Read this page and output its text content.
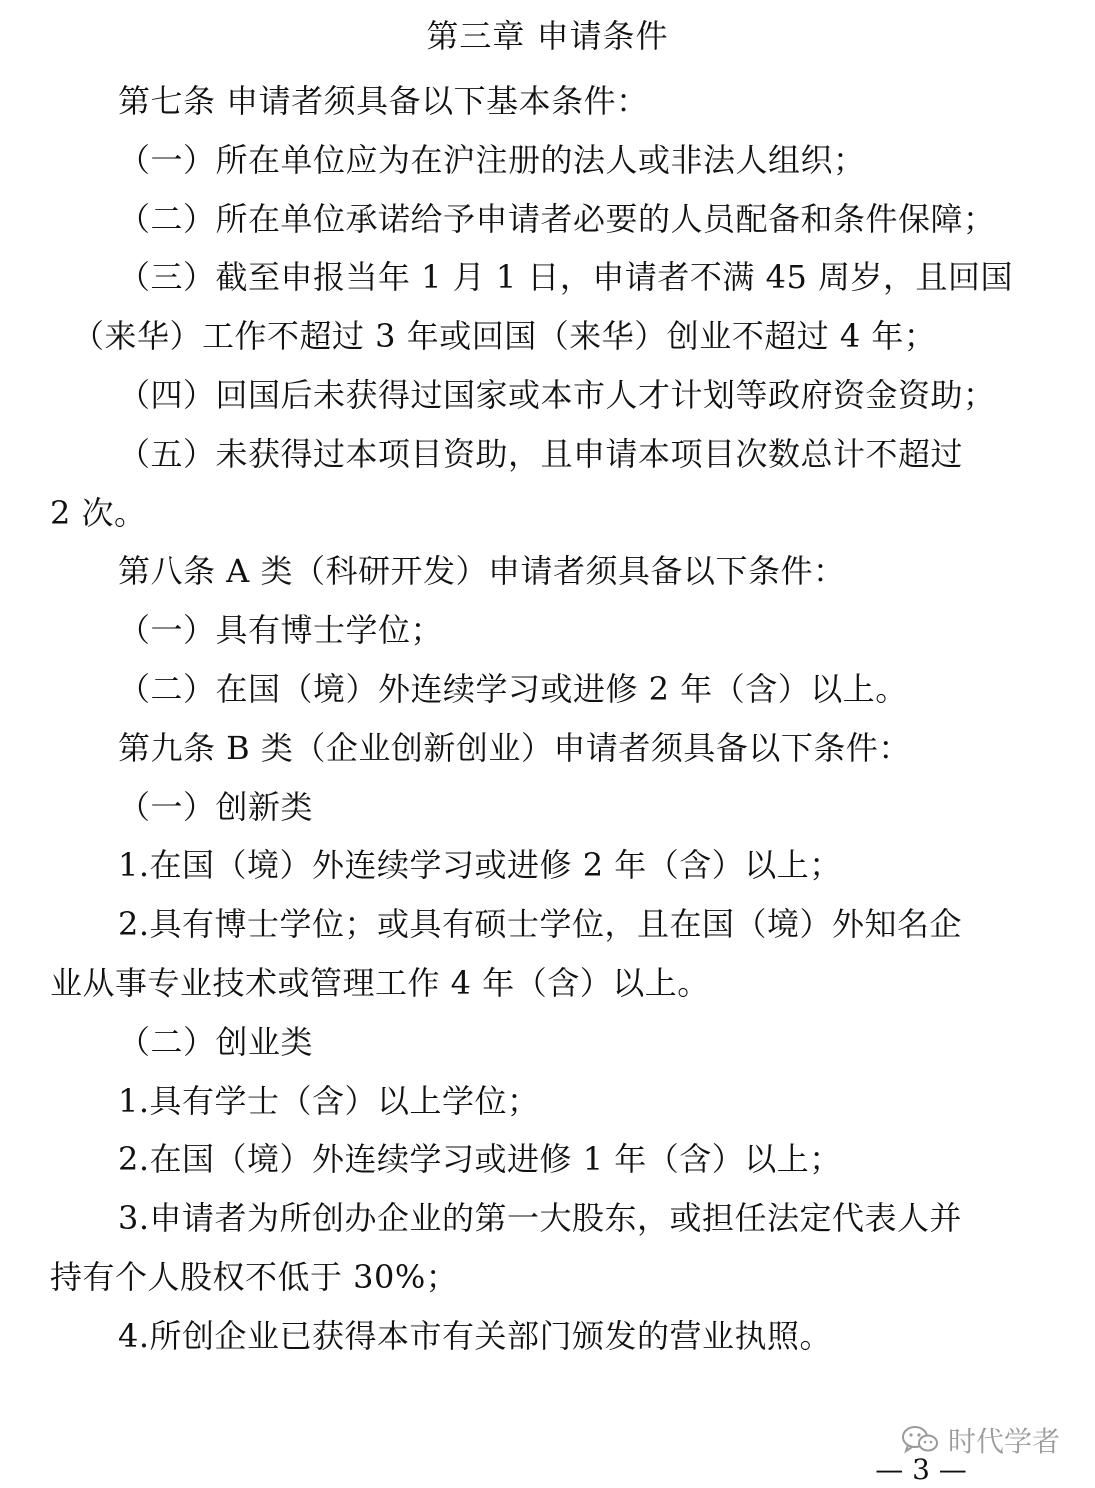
第三章 申请条件
第七条 申请者须具备以下基本条件：
（一）所在单位应为在沪注册的法人或非法人组织；
（二）所在单位承诺给予申请者必要的人员配备和条件保障；
（三）截至申报当年 1 月 1 日，申请者不满 45 周岁，且回国
（来华）工作不超过 3 年或回国（来华）创业不超过 4 年；
（四）回国后未获得过国家或本市人才计划等政府资金资助；
（五）未获得过本项目资助，且申请本项目次数总计不超过
2 次。
第八条 A 类（科研开发）申请者须具备以下条件：
（一）具有博士学位；
（二）在国（境）外连续学习或进修 2 年（含）以上。
第九条 B 类（企业创新创业）申请者须具备以下条件：
（一）创新类
1.在国（境）外连续学习或进修 2 年（含）以上；
2.具有博士学位；或具有硕士学位，且在国（境）外知名企
业从事专业技术或管理工作 4 年（含）以上。
（二）创业类
1.具有学士（含）以上学位；
2.在国（境）外连续学习或进修 1 年（含）以上；
3.申请者为所创办企业的第一大股东，或担任法定代表人并
持有个人股权不低于 30%；
4.所创企业已获得本市有关部门颁发的营业执照。
时代学者
— 3 —
